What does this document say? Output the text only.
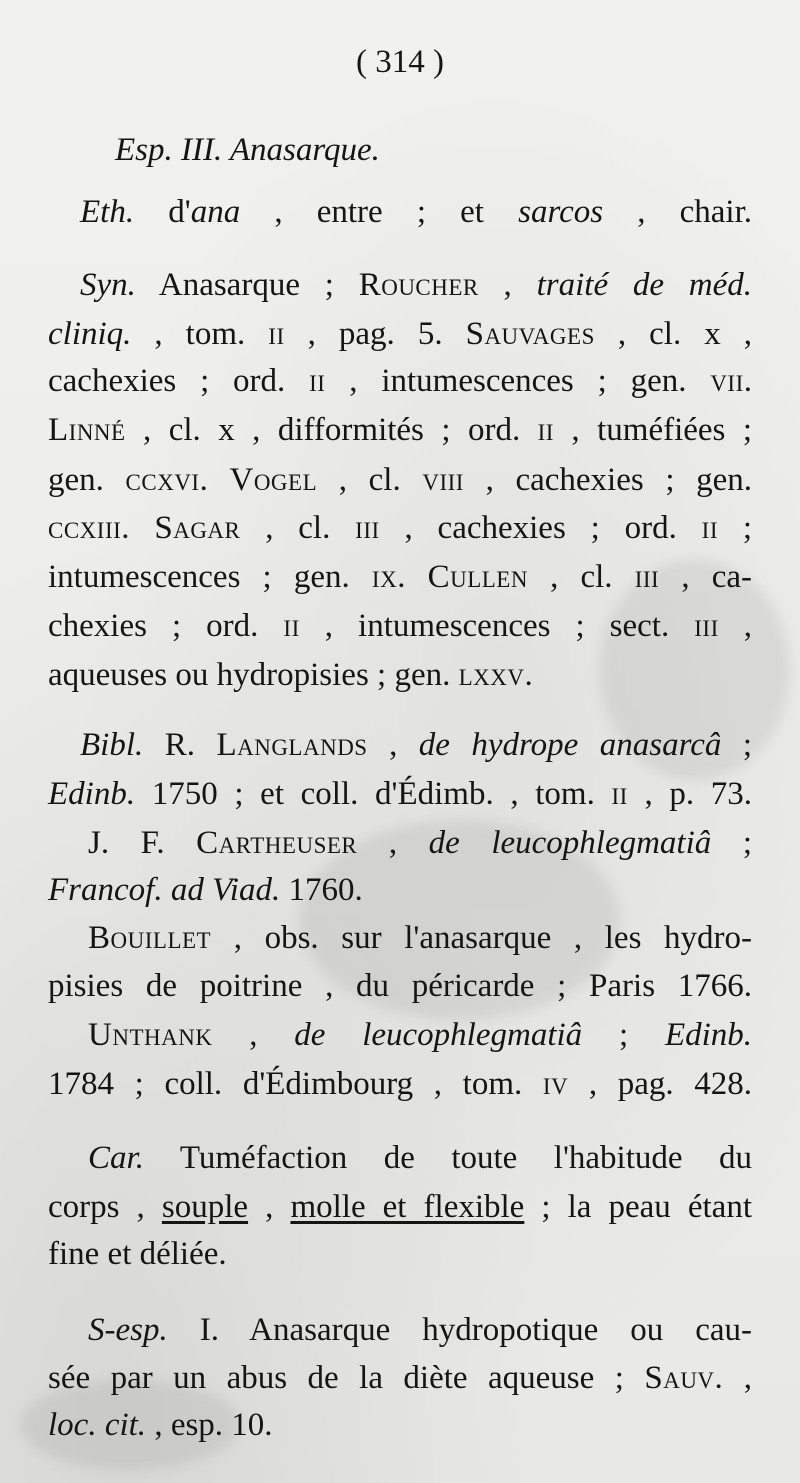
( 314 )
Esp. III. Anasarque.
Eth. d'ana , entre ; et sarcos , chair.
Syn. Anasarque ; Roucher , traité de méd.
cliniq. , tom. ii , pag. 5. Sauvages , cl. x ,
cachexies ; ord. ii , intumescences ; gen. vii.
Linné , cl. x , difformités ; ord. ii , tuméfiées ;
gen. ccxvi. Vogel , cl. viii , cachexies ; gen.
ccxiii. Sagar , cl. iii , cachexies ; ord. ii ;
intumescences ; gen. ix. Cullen , cl. iii , ca-
chexies ; ord. ii , intumescences ; sect. iii ,
aqueuses ou hydropisies ; gen. lxxv.
Bibl. R. Langlands , de hydrope anasarcâ ;
Edinb. 1750 ; et coll. d'Édimb. , tom. ii , p. 73.
J. F. Cartheuser , de leucophlegmatiâ ;
Francof. ad Viad. 1760.
Bouillet , obs. sur l'anasarque , les hydro-
pisies de poitrine , du péricarde ; Paris 1766.
Unthank , de leucophlegmatiâ ; Edinb.
1784 ; coll. d'Édimbourg , tom. iv , pag. 428.
Car. Tuméfaction de toute l'habitude du
corps , souple , molle et flexible ; la peau étant
fine et déliée.
S-esp. I. Anasarque hydropotique ou cau-
sée par un abus de la diète aqueuse ; Sauv. ,
loc. cit. , esp. 10.
